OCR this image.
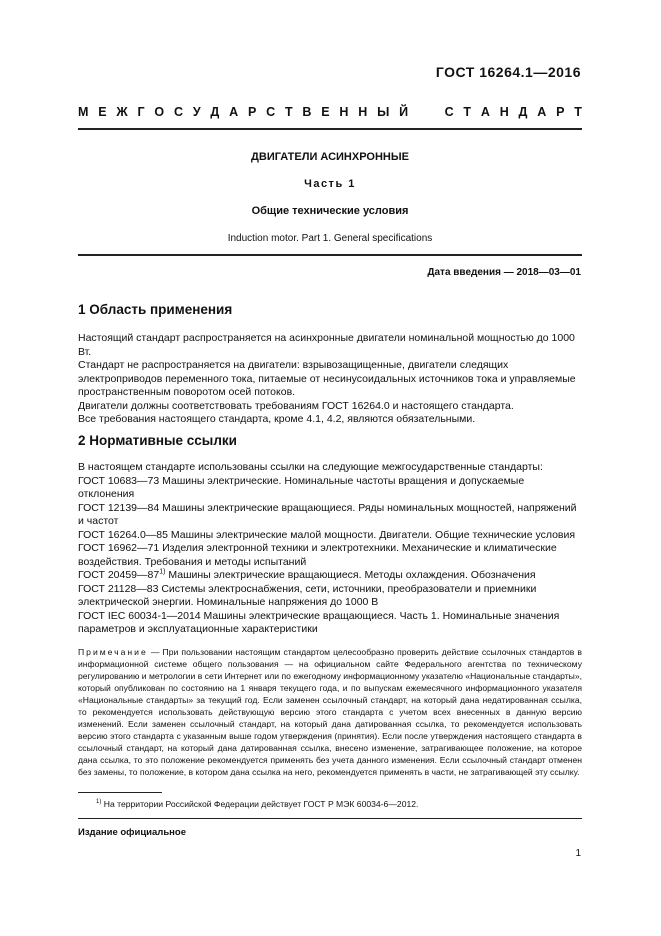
ГОСТ 16264.1—2016
М Е Ж Г О С У Д А Р С Т В Е Н Н Ы Й

	С Т А Н Д А Р Т
ДВИГАТЕЛИ АСИНХРОННЫЕ
Часть 1
Общие технические условия
Induction motor. Part 1. General specifications
Дата введения — 2018—03—01
1 Область применения

Настоящий стандарт распространяется на асинхронные двигатели номинальной мощностью до 1000 Вт.

Стандарт не распространяется на двигатели: взрывозащищенные, двигатели следящих электроприводов переменного тока, питаемые от несинусоидальных источников тока и управляемые пространственным поворотом осей потоков.

Двигатели должны соответствовать требованиям ГОСТ 16264.0 и настоящего стандарта.

Все требования настоящего стандарта, кроме 4.1, 4.2, являются обязательными.

2 Нормативные ссылки

В настоящем стандарте использованы ссылки на следующие межгосударственные стандарты:

ГОСТ 10683—73 Машины электрические. Номинальные частоты вращения и допускаемые отклонения

ГОСТ 12139—84 Машины электрические вращающиеся. Ряды номинальных мощностей, напряжений и частот

ГОСТ 16264.0—85 Машины электрические малой мощности. Двигатели. Общие технические условия

ГОСТ 16962—71 Изделия электронной техники и электротехники. Механические и климатические воздействия. Требования и методы испытаний

ГОСТ 20459—87$^{1)}$ Машины электрические вращающиеся. Методы охлаждения. Обозначения

ГОСТ 21128—83 Системы электроснабжения, сети, источники, преобразователи и приемники электрической энергии. Номинальные напряжения до 1000 В

ГОСТ IEC 60034-1—2014 Машины электрические вращающиеся. Часть 1. Номинальные значения параметров и эксплуатационные характеристики

Примечание — При пользовании настоящим стандартом целесообразно проверить действие ссылочных стандартов в информационной системе общего пользования — на официальном сайте Федерального агентства по техническому регулированию и метрологии в сети Интернет или по ежегодному информационному указателю «Национальные стандарты», который опубликован по состоянию на 1 января текущего года, и по выпускам ежемесячного информационного указателя «Национальные стандарты» за текущий год. Если заменен ссылочный стандарт, на который дана недатированная ссылка, то рекомендуется использовать действующую версию этого стандарта с учетом всех внесенных в данную версию изменений. Если заменен ссылочный стандарт, на который дана датированная ссылка, то рекомендуется использовать версию этого стандарта с указанным выше годом утверждения (принятия). Если после утверждения настоящего стандарта в ссылочный стандарт, на который дана датированная ссылка, внесено изменение, затрагивающее положение, на которое дана ссылка, то это положение рекомендуется применять без учета данного изменения. Если ссылочный стандарт отменен без замены, то положение, в котором дана ссылка на него, рекомендуется применять в части, не затрагивающей эту ссылку.
$^{1)}$ На территории Российской Федерации действует ГОСТ Р МЭК 60034-6—2012.
Издание официальное
1
